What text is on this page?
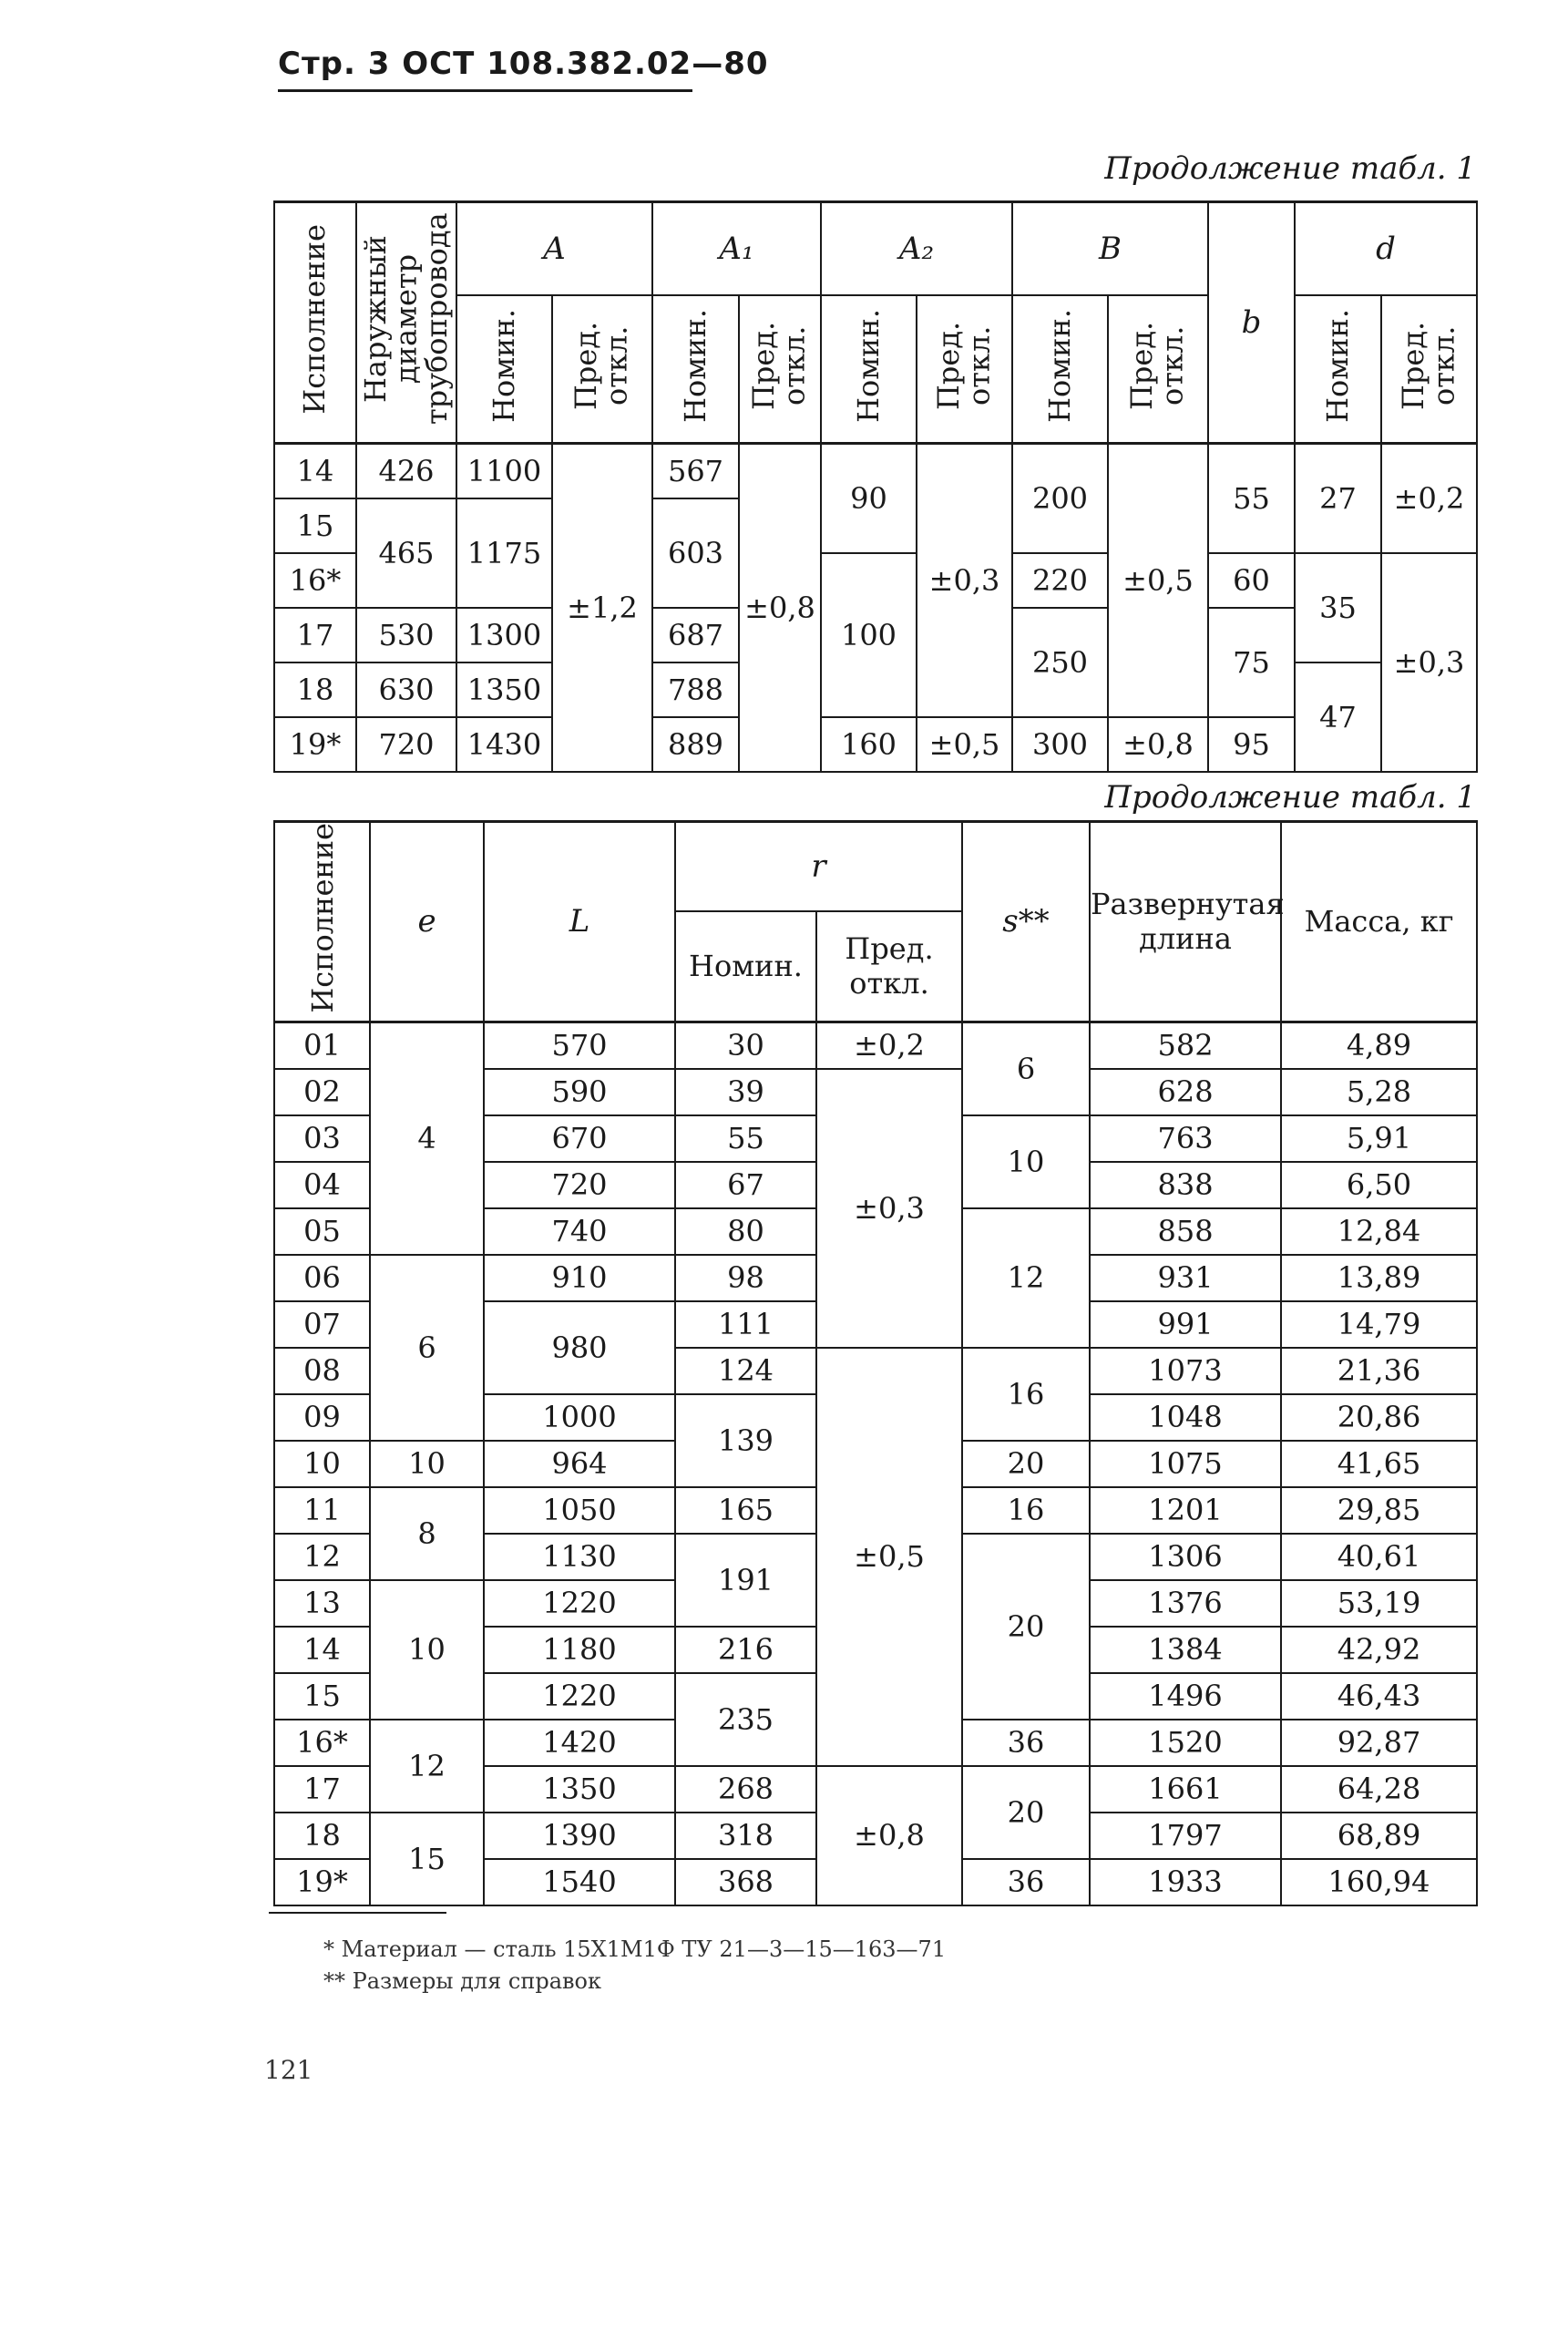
Стр. 3 ОСТ 108.382.02—80
Продолжение табл. 1
Исполнение	Наружный диаметр трубопровода	A		A₁		A₂		B		b	d	
		Номин.	Пред. откл.	Номин.	Пред. откл.	Номин.	Пред. откл.	Номин.	Пред. откл.		Номин.	Пред. откл.
14	426	1100	±1,2	567	±0,8	90	±0,3	200	±0,5	55	27	±0,2
15	465	1175		603								
16*						100		220		60	35	±0,3
17	530	1300		687				250		75		
18	630	1350		788							47	
19*	720	1430		889		160	±0,5	300	±0,8	95		
Продолжение табл. 1
Исполнение	e	L	r		s**	Развернутая длина	Масса, кг
			Номин.	Пред. откл.			
01	4	570	30	±0,2	6	582	4,89
02		590	39	±0,3		628	5,28
03		670	55		10	763	5,91
04		720	67			838	6,50
05		740	80		12	858	12,84
06	6	910	98			931	13,89
07		980	111			991	14,79
08			124	±0,5	16	1073	21,36
09		1000	139			1048	20,86
10	10	964			20	1075	41,65
11	8	1050	165		16	1201	29,85
12		1130	191		20	1306	40,61
13	10	1220				1376	53,19
14		1180	216			1384	42,92
15		1220	235			1496	46,43
16*	12	1420			36	1520	92,87
17		1350	268	±0,8	20	1661	64,28
18	15	1390	318			1797	68,89
19*		1540	368		36	1933	160,94
* Материал — сталь 15Х1М1Ф ТУ 21—3—15—163—71
** Размеры для справок
121
